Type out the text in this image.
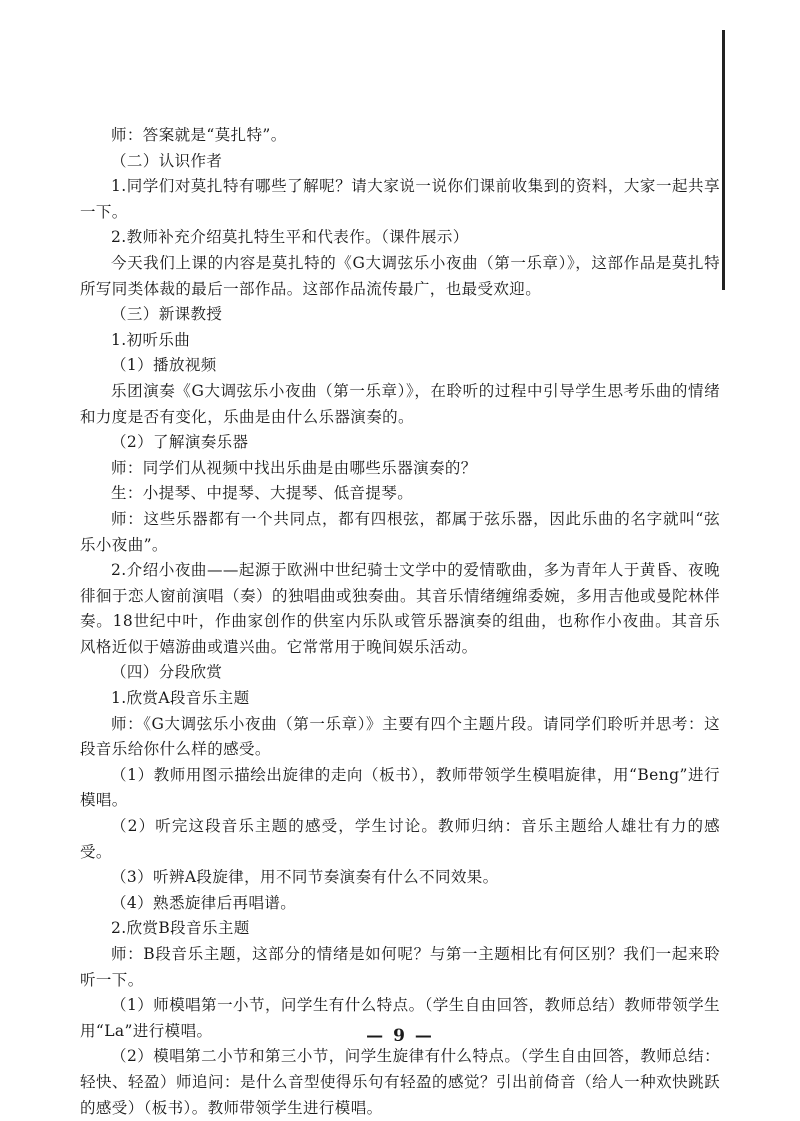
师：答案就是“莫扎特”。

（二）认识作者

1.同学们对莫扎特有哪些了解呢？请大家说一说你们课前收集到的资料，大家一起共享一下。

2.教师补充介绍莫扎特生平和代表作。（课件展示）

今天我们上课的内容是莫扎特的《G大调弦乐小夜曲（第一乐章）》，这部作品是莫扎特所写同类体裁的最后一部作品。这部作品流传最广，也最受欢迎。

（三）新课教授

1.初听乐曲

（1）播放视频

乐团演奏《G大调弦乐小夜曲（第一乐章）》，在聆听的过程中引导学生思考乐曲的情绪和力度是否有变化，乐曲是由什么乐器演奏的。

（2）了解演奏乐器

师：同学们从视频中找出乐曲是由哪些乐器演奏的？

生：小提琴、中提琴、大提琴、低音提琴。

师：这些乐器都有一个共同点，都有四根弦，都属于弦乐器，因此乐曲的名字就叫“弦乐小夜曲”。

2.介绍小夜曲——起源于欧洲中世纪骑士文学中的爱情歌曲，多为青年人于黄昏、夜晚徘徊于恋人窗前演唱（奏）的独唱曲或独奏曲。其音乐情绪缠绵委婉，多用吉他或曼陀林伴奏。18世纪中叶，作曲家创作的供室内乐队或管乐器演奏的组曲，也称作小夜曲。其音乐风格近似于嬉游曲或遣兴曲。它常常用于晚间娱乐活动。

（四）分段欣赏

1.欣赏A段音乐主题

师：《G大调弦乐小夜曲（第一乐章）》主要有四个主题片段。请同学们聆听并思考：这段音乐给你什么样的感受。

（1）教师用图示描绘出旋律的走向（板书），教师带领学生模唱旋律，用“Beng”进行模唱。

（2）听完这段音乐主题的感受，学生讨论。教师归纳：音乐主题给人雄壮有力的感受。

（3）听辨A段旋律，用不同节奏演奏有什么不同效果。

（4）熟悉旋律后再唱谱。

2.欣赏B段音乐主题

师：B段音乐主题，这部分的情绪是如何呢？与第一主题相比有何区别？我们一起来聆听一下。

（1）师模唱第一小节，问学生有什么特点。（学生自由回答，教师总结）教师带领学生用“La”进行模唱。

（2）模唱第二小节和第三小节，问学生旋律有什么特点。（学生自由回答，教师总结：轻快、轻盈）师追问：是什么音型使得乐句有轻盈的感觉？引出前倚音（给人一种欢快跳跃的感受）（板书）。教师带领学生进行模唱。

— 9 —
